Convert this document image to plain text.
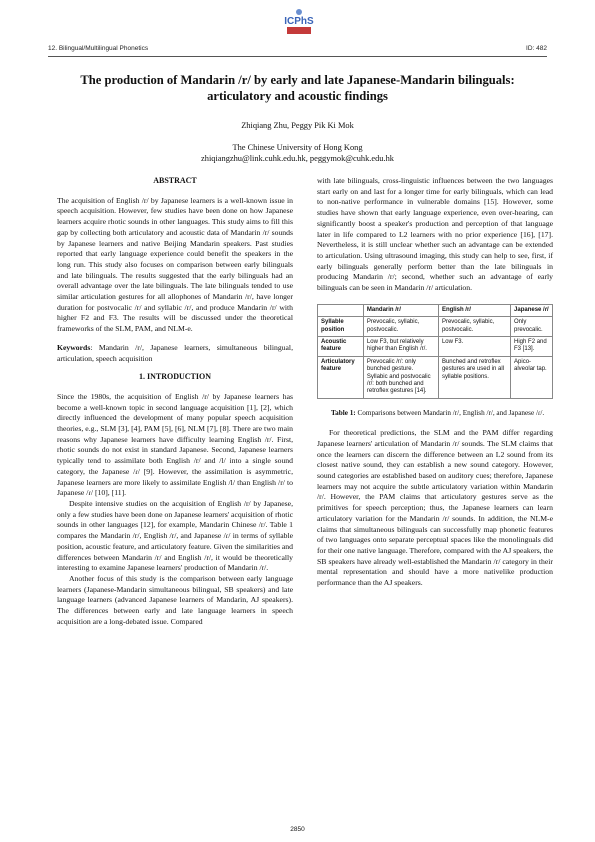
ICPhS
12. Bilingual/Multilingual Phonetics	ID: 482
The production of Mandarin /r/ by early and late Japanese-Mandarin bilinguals: articulatory and acoustic findings
Zhiqiang Zhu, Peggy Pik Ki Mok
The Chinese University of Hong Kong
zhiqiangzhu@link.cuhk.edu.hk, peggymok@cuhk.edu.hk
ABSTRACT

The acquisition of English /r/ by Japanese learners is a well-known issue in speech acquisition. However, few studies have been done on how Japanese learners acquire rhotic sounds in other languages. This study aims to fill this gap by collecting both articulatory and acoustic data of Mandarin /r/ sounds by Japanese learners and native Beijing Mandarin speakers. Past studies reported that early language experience could benefit the speakers in the long run. This study also focuses on comparison between early bilinguals and late bilinguals. The results suggested that the early bilinguals had an overall advantage over the late bilinguals. The late bilinguals tended to use similar articulation gestures for all allophones of Mandarin /r/, have longer duration for postvocalic /r/ and syllabic /r/, and produce Mandarin /r/ with higher F2 and F3. The results will be discussed under the theoretical frameworks of the SLM, PAM, and NLM-e.

Keywords: Mandarin /r/, Japanese learners, simultaneous bilingual, articulation, speech acquisition

1. INTRODUCTION

Since the 1980s, the acquisition of English /r/ by Japanese learners has become a well-known topic in second language acquisition [1], [2], which directly influenced the development of many popular speech acquisition theories, e.g., SLM [3], [4], PAM [5], [6], NLM [7], [8]. There are two main reasons why Japanese learners have difficulty learning English /r/. First, rhotic sounds do not exist in standard Japanese. Second, Japanese learners typically tend to assimilate both English /r/ and /l/ into a single sound category, the Japanese /ɾ/ [9]. However, the assimilation is asymmetric, Japanese learners are more likely to assimilate English /l/ than English /r/ to Japanese /ɾ/ [10], [11].

Despite intensive studies on the acquisition of English /r/ by Japanese, only a few studies have been done on Japanese learners' acquisition of rhotic sounds in other languages [12], for example, Mandarin Chinese /r/. Table 1 compares the Mandarin /r/, English /r/, and Japanese /ɾ/ in terms of syllable position, acoustic feature, and articulatory feature. Given the similarities and differences between Mandarin /r/ and English /r/, it would be theoretically interesting to examine Japanese learners' production of Mandarin /r/.

Another focus of this study is the comparison between early language learners (Japanese-Mandarin simultaneous bilingual, SB speakers) and late language learners (advanced Japanese learners of Mandarin, AJ speakers). The differences between early and late language learners in speech acquisition are a long-debated issue. Compared

with late bilinguals, cross-linguistic influences between the two languages start early on and last for a longer time for early bilinguals, which can lead to non-native performance in vulnerable domains [15]. However, some studies have shown that early language experience, even over-hearing, can significantly boost a speaker's production and perception of that language later in life compared to L2 learners with no prior experience [16], [17]. Nevertheless, it is still unclear whether such an advantage can be extended to articulation. Using ultrasound imaging, this study can help to see, first, if early bilinguals generally perform better than the late bilinguals in producing Mandarin /r/; second, whether such an advantage of early bilinguals can be seen in Mandarin /r/ articulation.

	Mandarin /r/	English /r/	Japanese /ɾ/
Syllable position	Prevocalic, syllabic, postvocalic.	Prevocalic, syllabic, postvocalic.	Only prevocalic.
Acoustic feature	Low F3, but relatively higher than English /r/.	Low F3.	High F2 and F3 [13].
Articulatory feature	Prevocalic /r/: only bunched gesture.
Syllabic and postvocalic /r/: both bunched and retroflex gestures [14].	Bunched and retroflex gestures are used in all syllable positions.	Apico-alveolar tap.

Table 1: Comparisons between Mandarin /r/, English /r/, and Japanese /ɾ/.

For theoretical predictions, the SLM and the PAM differ regarding Japanese learners' articulation of Mandarin /r/ sounds. The SLM claims that once the learners can discern the difference between an L2 sound from its closest native sound, they can establish a new sound category. However, sound categories are established based on auditory cues; therefore, Japanese learners may not acquire the subtle articulatory variation within Mandarin /r/. However, the PAM claims that articulatory gestures serve as the primitives for speech perception; thus, the Japanese learners can learn articulatory variation for the Mandarin /r/ sounds. In addition, the NLM-e claims that simultaneous bilinguals can successfully map phonetic features of two languages onto separate perceptual spaces like the monolinguals did for their one native language. Therefore, compared with the AJ speakers, the SB speakers have already well-established the Mandarin /r/ category in their mental representation and should have a more nativelike production performance than the AJ speakers.

2850
